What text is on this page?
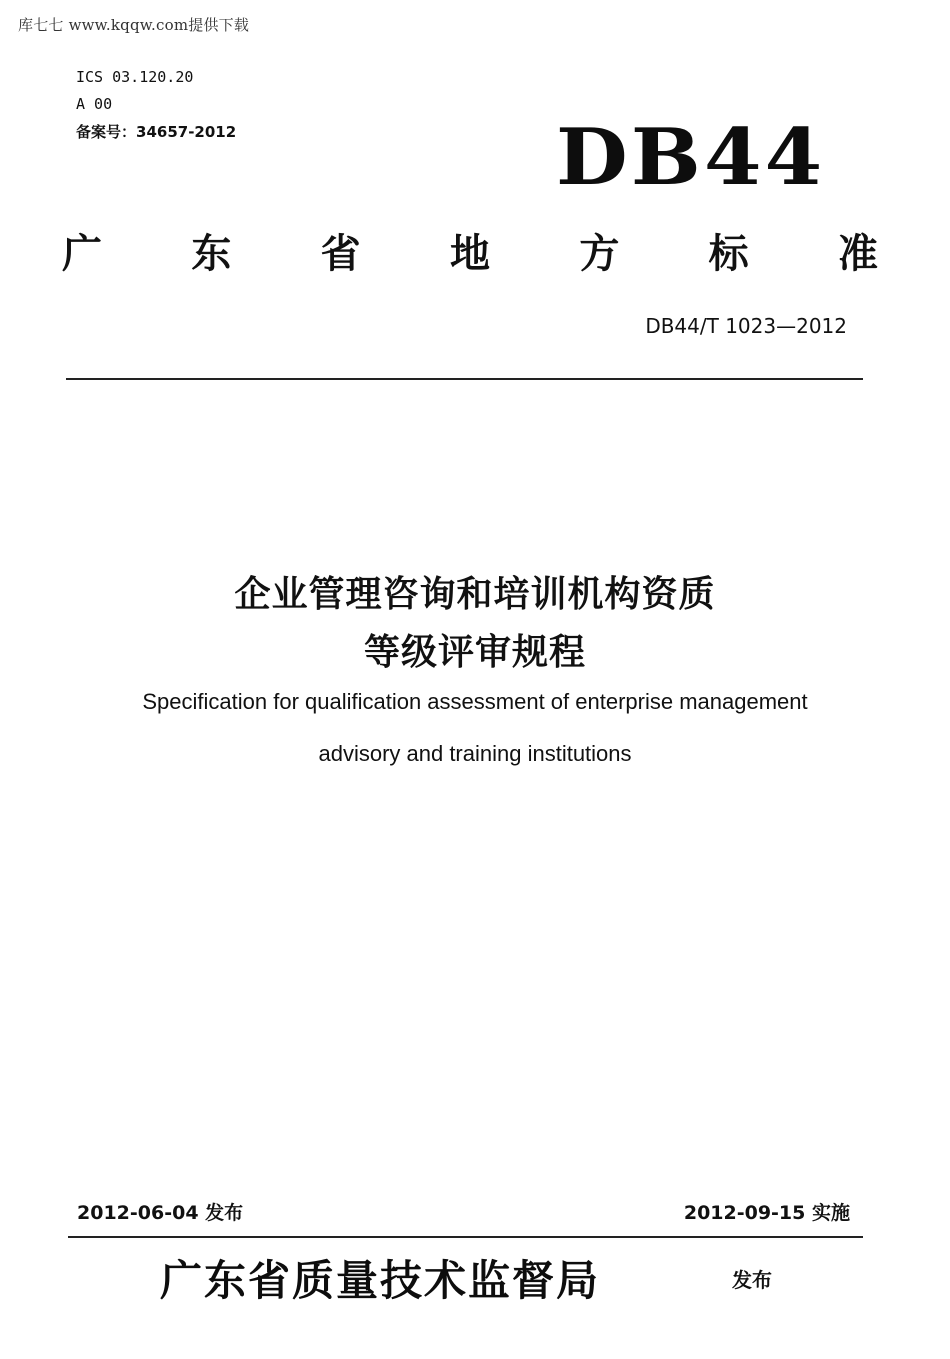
库七七 www.kqqw.com提供下载
ICS 03.120.20
A 00
备案号：34657-2012	DB44
广 东 省 地 方 标 准
DB44/T 1023—2012
企业管理咨询和培训机构资质
等级评审规程
Specification for qualification assessment of enterprise management
advisory and training institutions
2012-06-04 发布	2012-09-15 实施
广东省质量技术监督局	发布
